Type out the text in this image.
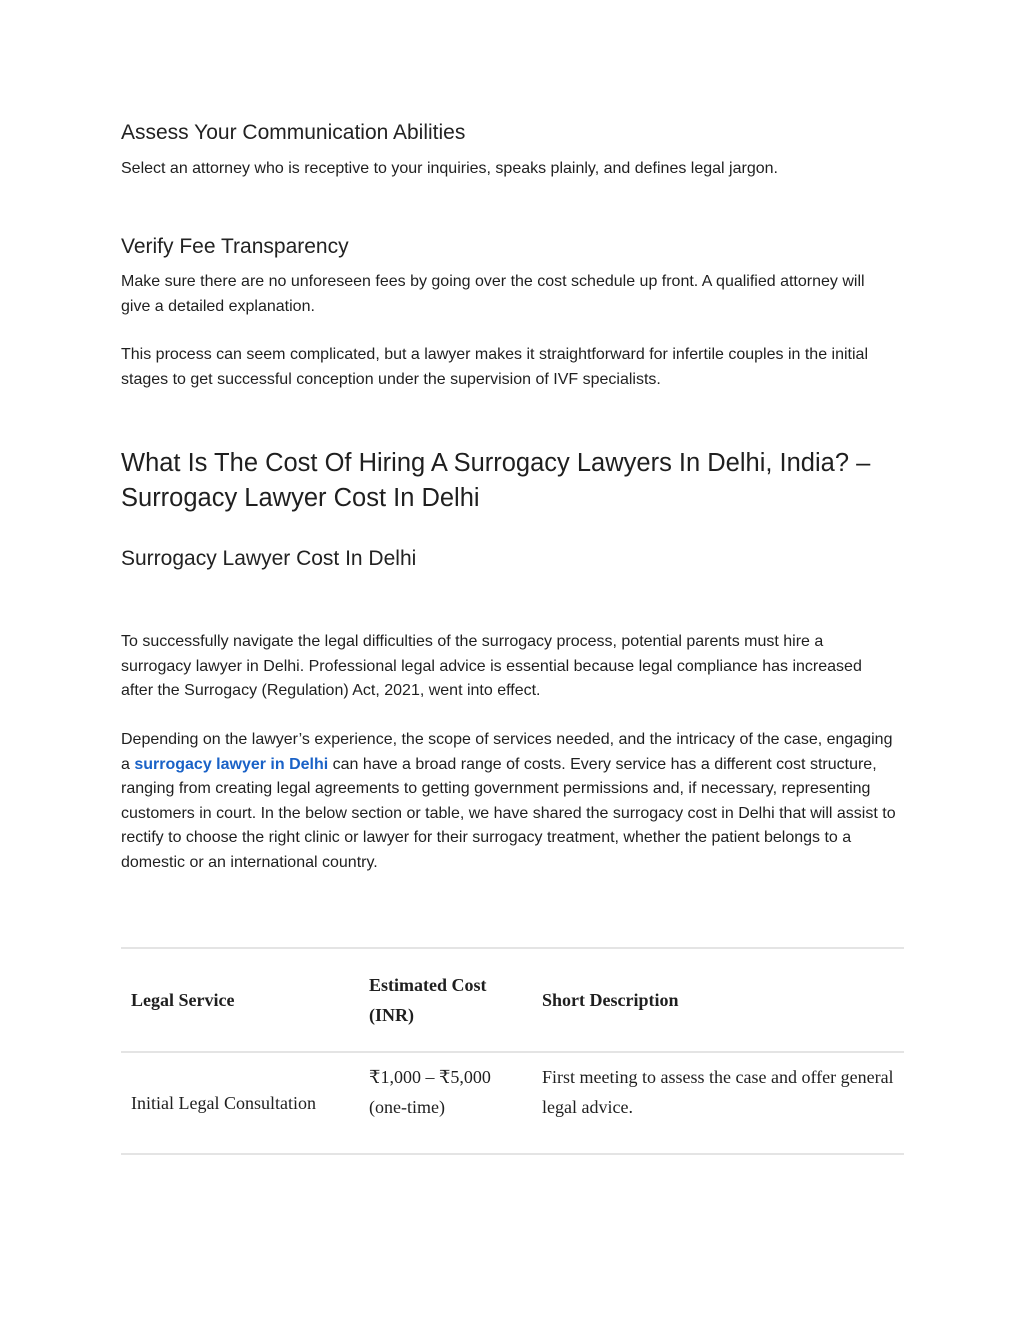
Assess Your Communication Abilities

Select an attorney who is receptive to your inquiries, speaks plainly, and defines legal jargon.

Verify Fee Transparency

Make sure there are no unforeseen fees by going over the cost schedule up front. A qualified attorney will give a detailed explanation.

This process can seem complicated, but a lawyer makes it straightforward for infertile couples in the initial stages to get successful conception under the supervision of IVF specialists.

What Is The Cost Of Hiring A Surrogacy Lawyers In Delhi, India? – Surrogacy Lawyer Cost In Delhi
Surrogacy Lawyer Cost In Delhi

To successfully navigate the legal difficulties of the surrogacy process, potential parents must hire a surrogacy lawyer in Delhi. Professional legal advice is essential because legal compliance has increased after the Surrogacy (Regulation) Act, 2021, went into effect.

Depending on the lawyer’s experience, the scope of services needed, and the intricacy of the case, engaging a surrogacy lawyer in Delhi can have a broad range of costs. Every service has a different cost structure, ranging from creating legal agreements to getting government permissions and, if necessary, representing customers in court. In the below section or table, we have shared the surrogacy cost in Delhi that will assist to rectify to choose the right clinic or lawyer for their surrogacy treatment, whether the patient belongs to a domestic or an international country.

Legal Service
Estimated Cost (INR)
Short Description
Initial Legal Consultation
₹1,000 – ₹5,000 (one-time)
First meeting to assess the case and offer general legal advice.
